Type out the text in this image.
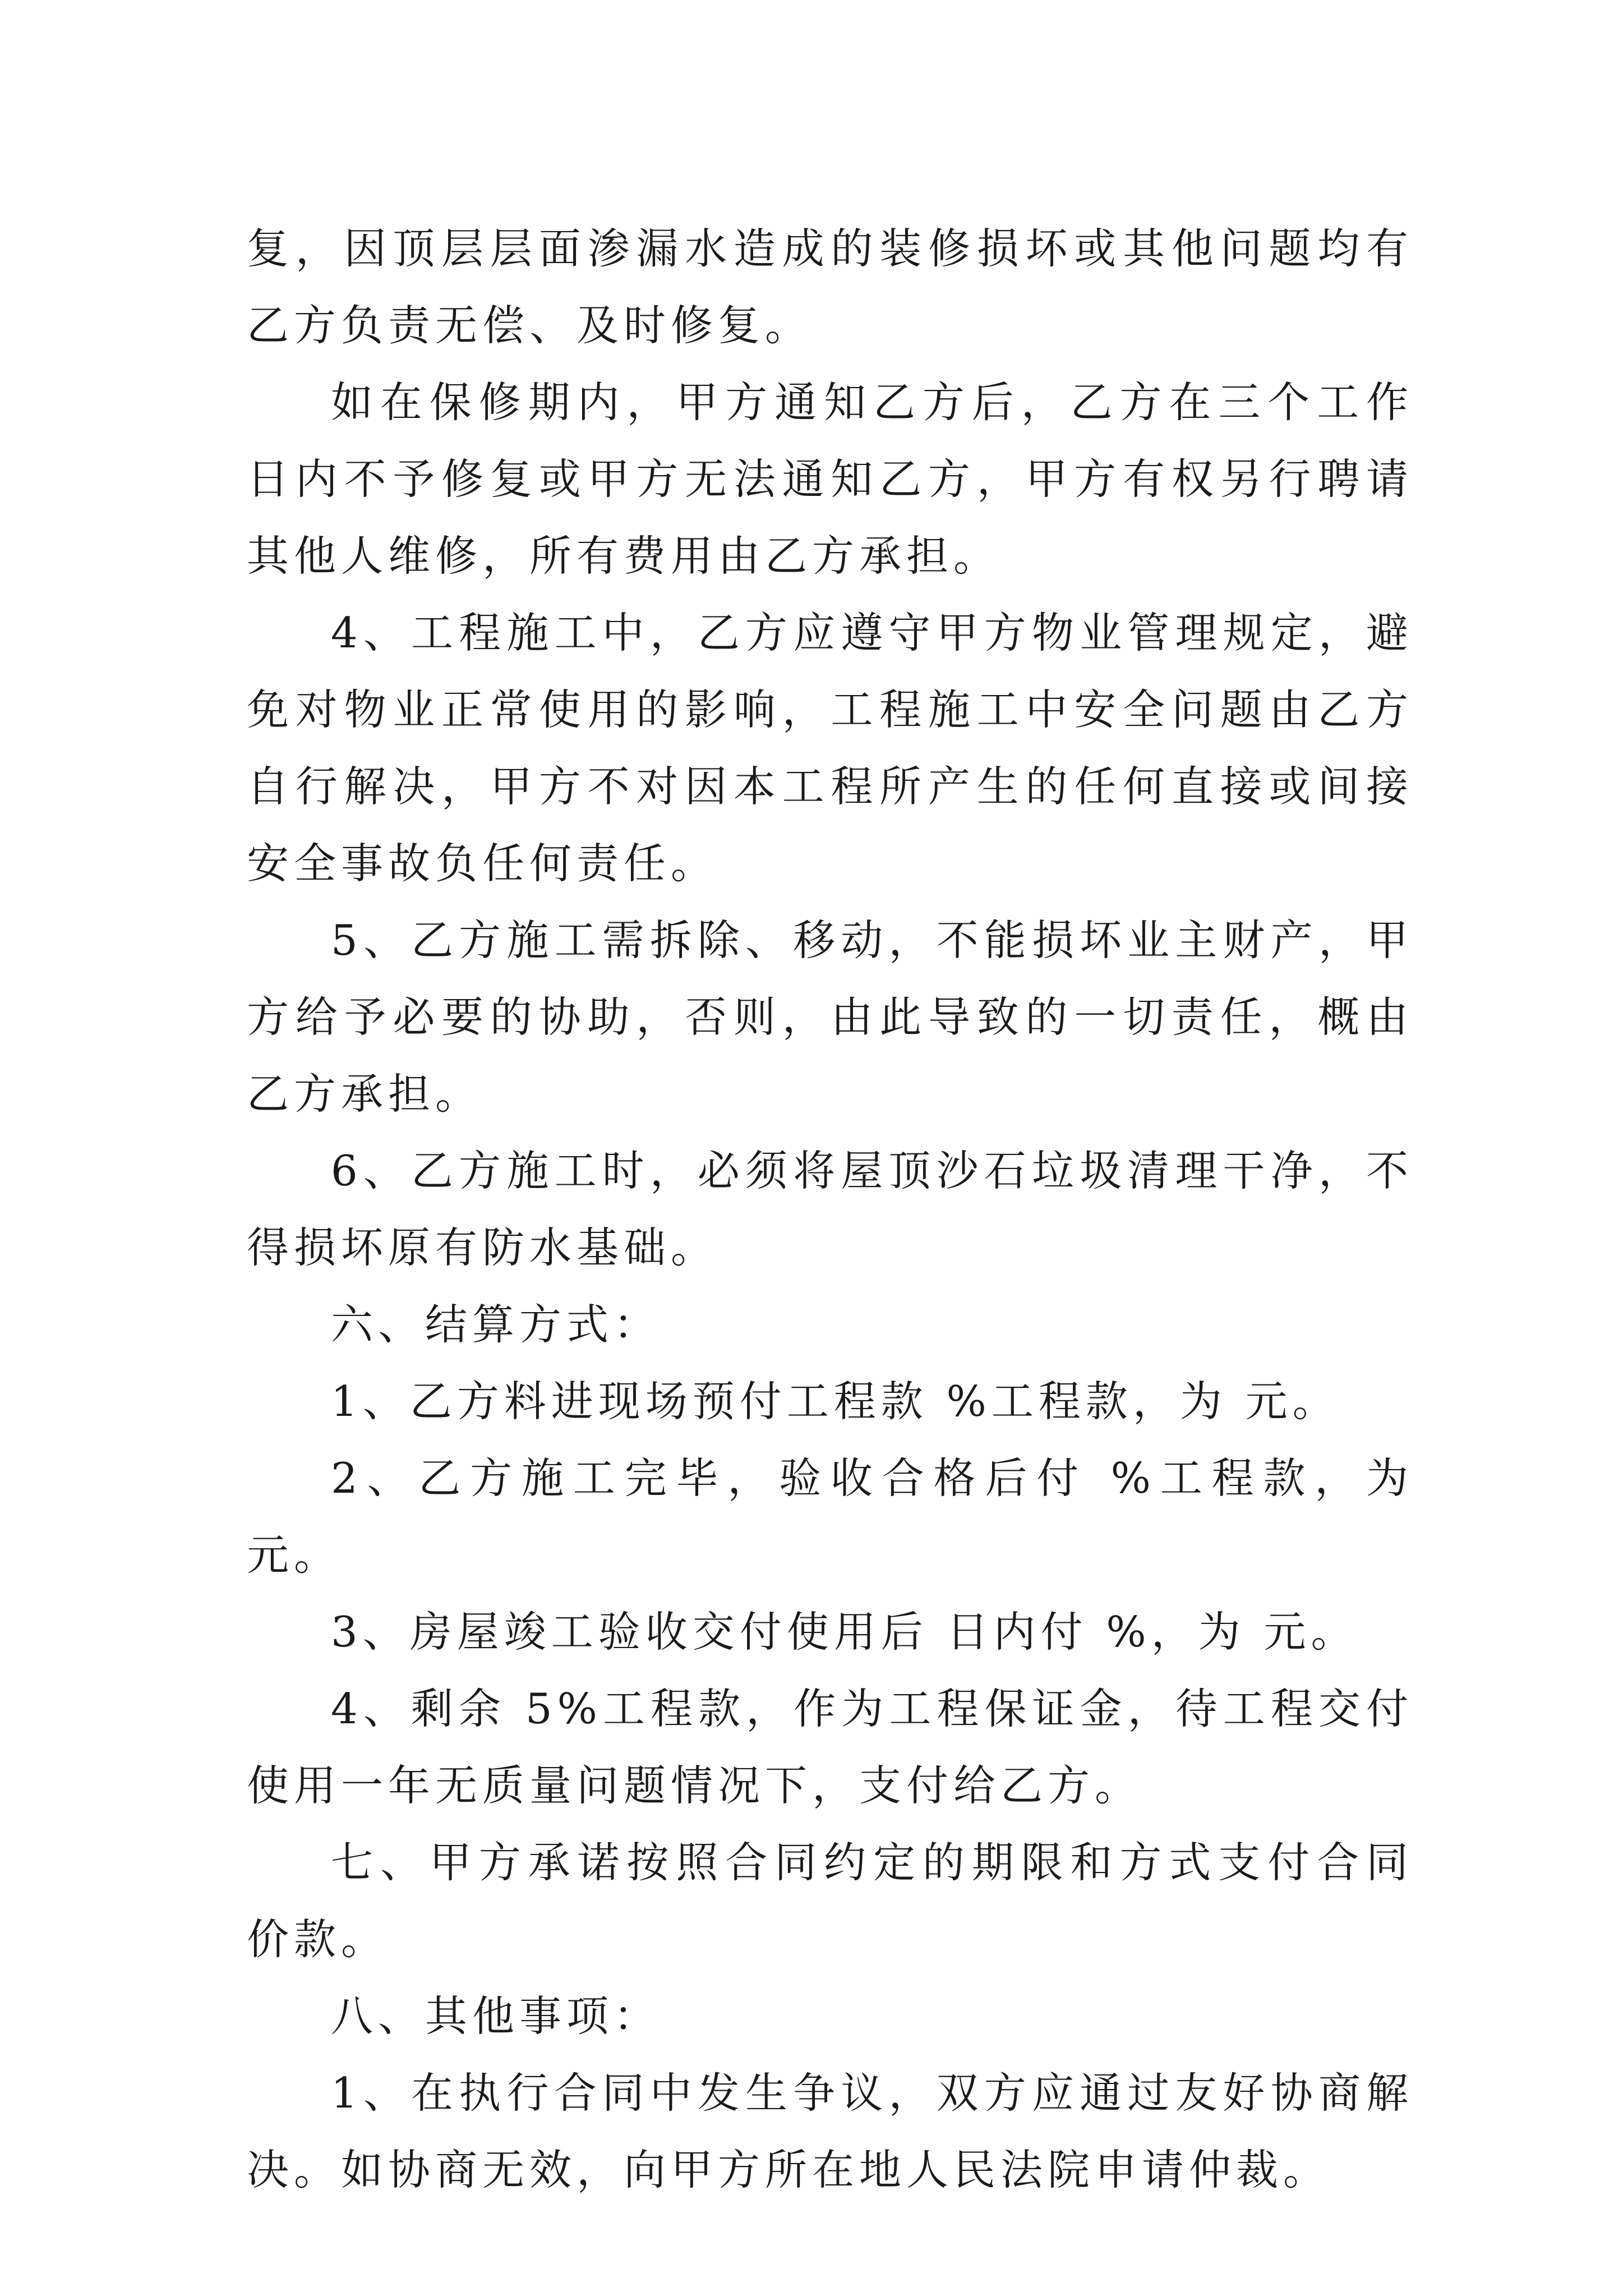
复，因顶层层面渗漏水造成的装修损坏或其他问题均有乙方负责无偿、及时修复。

如在保修期内，甲方通知乙方后，乙方在三个工作日内不予修复或甲方无法通知乙方，甲方有权另行聘请其他人维修，所有费用由乙方承担。

4、工程施工中，乙方应遵守甲方物业管理规定，避免对物业正常使用的影响，工程施工中安全问题由乙方自行解决，甲方不对因本工程所产生的任何直接或间接安全事故负任何责任。

5、乙方施工需拆除、移动，不能损坏业主财产，甲方给予必要的协助，否则，由此导致的一切责任，概由乙方承担。

6、乙方施工时，必须将屋顶沙石垃圾清理干净，不得损坏原有防水基础。

六、结算方式：

1、乙方料进现场预付工程款 %工程款，为 元。

2、乙方施工完毕，验收合格后付 %工程款，为 元。

3、房屋竣工验收交付使用后 日内付 %，为 元。

4、剩余 5%工程款，作为工程保证金，待工程交付使用一年无质量问题情况下，支付给乙方。

七、甲方承诺按照合同约定的期限和方式支付合同价款。

八、其他事项：

1、在执行合同中发生争议，双方应通过友好协商解决。如协商无效，向甲方所在地人民法院申请仲裁。
